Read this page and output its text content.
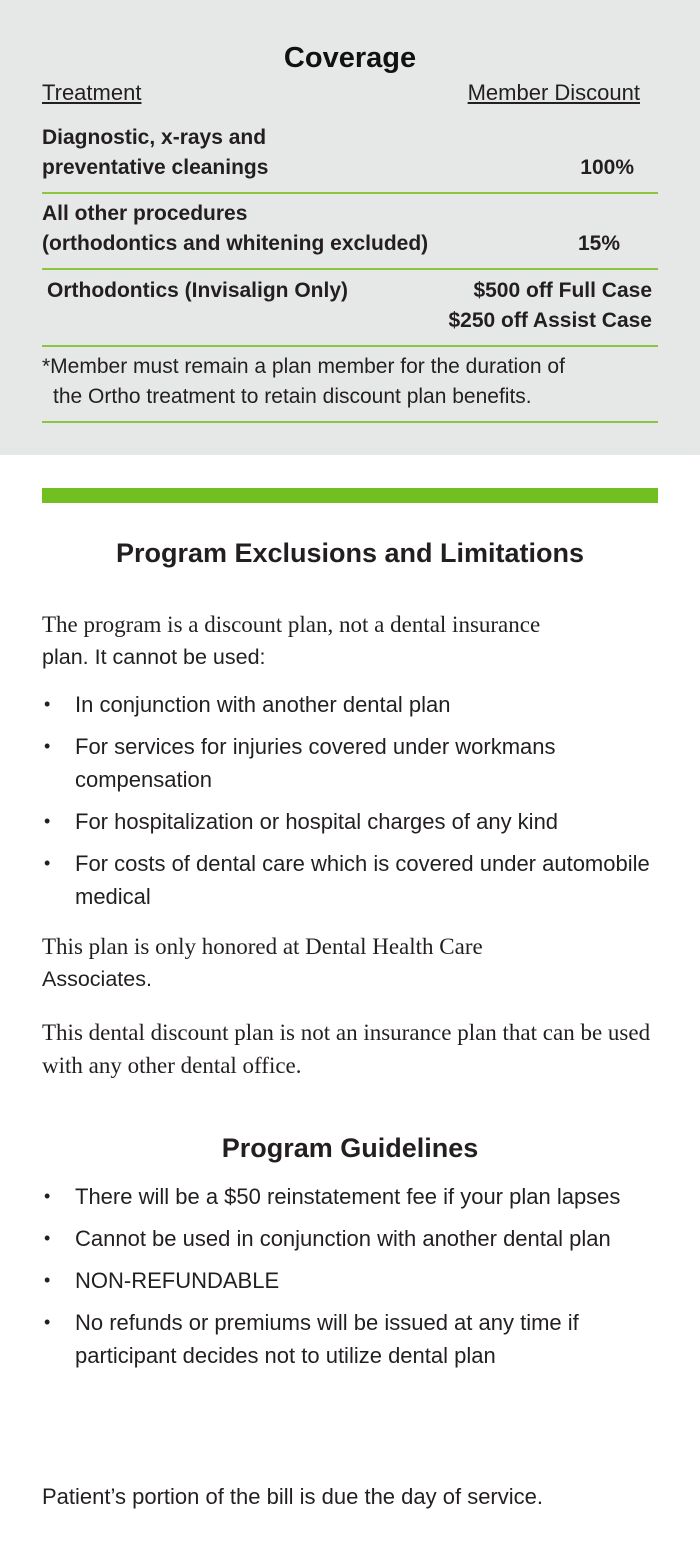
Coverage
Treatment	Member Discount
Diagnostic, x-rays and
preventative cleanings	100%
All other procedures
(orthodontics and whitening excluded)	15%
Orthodontics (Invisalign Only)	$500 off Full Case
$250 off Assist Case
*Member must remain a plan member for the duration of
the Ortho treatment to retain discount plan benefits.
Program Exclusions and Limitations
The program is a discount plan, not a dental insurance
plan. It cannot be used:
• In conjunction with another dental plan
• For services for injuries covered under workmans compensation
• For hospitalization or hospital charges of any kind
• For costs of dental care which is covered under automobile medical
This plan is only honored at Dental Health Care
Associates.
This dental discount plan is not an insurance plan that can be used with any other dental office.
Program Guidelines
• There will be a $50 reinstatement fee if your plan lapses
• Cannot be used in conjunction with another dental plan
• NON-REFUNDABLE
• No refunds or premiums will be issued at any time if participant decides not to utilize dental plan
Patient’s portion of the bill is due the day of service.
